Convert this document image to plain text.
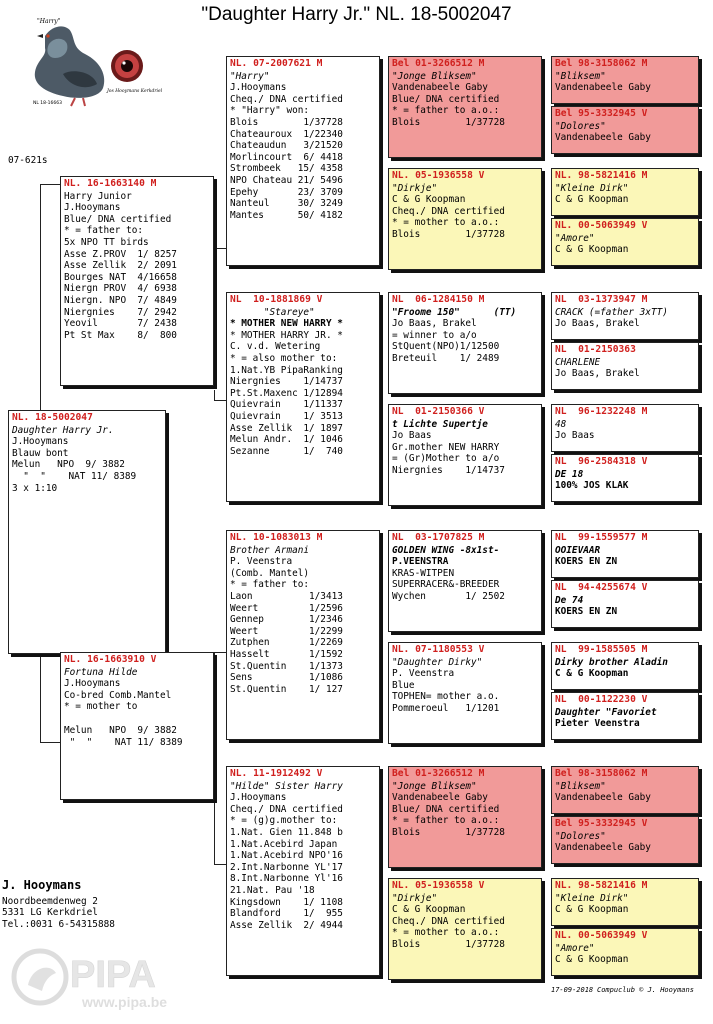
"Daughter Harry Jr." NL. 18-5002047
"Harry"
NL 18-16663
Jos Hooymans Kerkdriel
07-621s
NL. 18-5002047
Daughter Harry Jr.
J.Hooymans
Blauw bont
Melun   NPO  9/ 3882
"  "    NAT 11/ 8389
3 x 1:10
NL. 16-1663140 M
Harry Junior
J.Hooymans
Blue/ DNA certified
* = father to:
5x NPO TT birds
Asse Z.PROV  1/ 8257
Asse Zellik  2/ 2091
Bourges NAT  4/16658
Niergn PROV  4/ 6938
Niergn. NPO  7/ 4849
Niergnies    7/ 2942
Yeovil       7/ 2438
Pt St Max    8/  800
NL. 16-1663910 V
Fortuna Hilde
J.Hooymans
Co-bred Comb.Mantel
* = mother to
Melun   NPO  9/ 3882
"  "    NAT 11/ 8389
NL. 07-2007621 M
"Harry"
J.Hooymans
Cheq./ DNA certified
* "Harry" won:
Blois        1/37728
Chateauroux  1/22340
Chateaudun   3/21520
Morlincourt  6/ 4418
Strombeek   15/ 4358
NPO Chateau 21/ 5496
Epehy       23/ 3709
Nanteul     30/ 3249
Mantes      50/ 4182
NL  10-1881869 V
"Stareye"
* MOTHER NEW HARRY *
* MOTHER HARRY JR. *
C. v.d. Wetering
* = also mother to:
1.Nat.YB PipaRanking
Niergnies    1/14737
Pt.St.Maxenc 1/12894
Quievrain    1/11337
Quievrain    1/ 3513
Asse Zellik  1/ 1897
Melun Andr.  1/ 1046
Sezanne      1/  740
NL. 10-1083013 M
Brother Armani
P. Veenstra
(Comb. Mantel)
* = father to:
Laon          1/3413
Weert         1/2596
Gennep        1/2346
Weert         1/2299
Zutphen       1/2269
Hasselt       1/1592
St.Quentin    1/1373
Sens          1/1086
St.Quentin    1/ 127
NL. 11-1912492 V
"Hilde" Sister Harry
J.Hooymans
Cheq./ DNA certified
* = (g)g.mother to:
1.Nat. Gien 11.848 b
1.Nat.Acebird Japan
1.Nat.Acebird NPO'16
2.Int.Narbonne YL'17
8.Int.Narbonne Yl'16
21.Nat. Pau '18
Kingsdown    1/ 1108
Blandford    1/  955
Asse Zellik  2/ 4944
Bel 01-3266512 M
"Jonge Bliksem"
Vandenabeele Gaby
Blue/ DNA certified
* = father to a.o.:
Blois        1/37728
NL. 05-1936558 V
"Dirkje"
C & G Koopman
Cheq./ DNA certified
* = mother to a.o.:
Blois        1/37728
NL  06-1284150 M
"Froome 150"      (TT)
Jo Baas, Brakel
= winner to a/o
StQuent(NPO)1/12500
Breteuil    1/ 2489
NL  01-2150366 V
t Lichte Supertje
Jo Baas
Gr.mother NEW HARRY
= (Gr)Mother to a/o
Niergnies    1/14737
NL  03-1707825 M
GOLDEN WING -8x1st-
P.VEENSTRA
KRAS-WITPEN
SUPERRACER&-BREEDER
Wychen       1/ 2502
NL. 07-1180553 V
"Daughter Dirky"
P. Veenstra
Blue
TOPHEN= mother a.o.
Pommeroeul   1/1201
Bel 01-3266512 M
"Jonge Bliksem"
Vandenabeele Gaby
Blue/ DNA certified
* = father to a.o.:
Blois        1/37728
NL. 05-1936558 V
"Dirkje"
C & G Koopman
Cheq./ DNA certified
* = mother to a.o.:
Blois        1/37728
Bel 98-3158062 M
"Bliksem"
Vandenabeele Gaby
Bel 95-3332945 V
"Dolores"
Vandenabeele Gaby
NL. 98-5821416 M
"Kleine Dirk"
C & G Koopman
NL. 00-5063949 V
"Amore"
C & G Koopman
NL  03-1373947 M
CRACK (=father 3xTT)
Jo Baas, Brakel
NL  01-2150363
CHARLENE
Jo Baas, Brakel
NL  96-1232248 M
48
Jo Baas
NL  96-2584318 V
DE 18
100% JOS KLAK
NL  99-1559577 M
OOIEVAAR
KOERS EN ZN
NL  94-4255674 V
De 74
KOERS EN ZN
NL  99-1585505 M
Dirky brother Aladin
C & G Koopman
NL  00-1122230 V
Daughter "Favoriet
Pieter Veenstra
Bel 98-3158062 M
"Bliksem"
Vandenabeele Gaby
Bel 95-3332945 V
"Dolores"
Vandenabeele Gaby
NL. 98-5821416 M
"Kleine Dirk"
C & G Koopman
NL. 00-5063949 V
"Amore"
C & G Koopman
J. Hooymans
Noordbeemdenweg 2
5331 LG Kerkdriel
Tel.:0031 6-54315888
PIPA
www.pipa.be
17-09-2018 Compuclub © J. Hooymans
